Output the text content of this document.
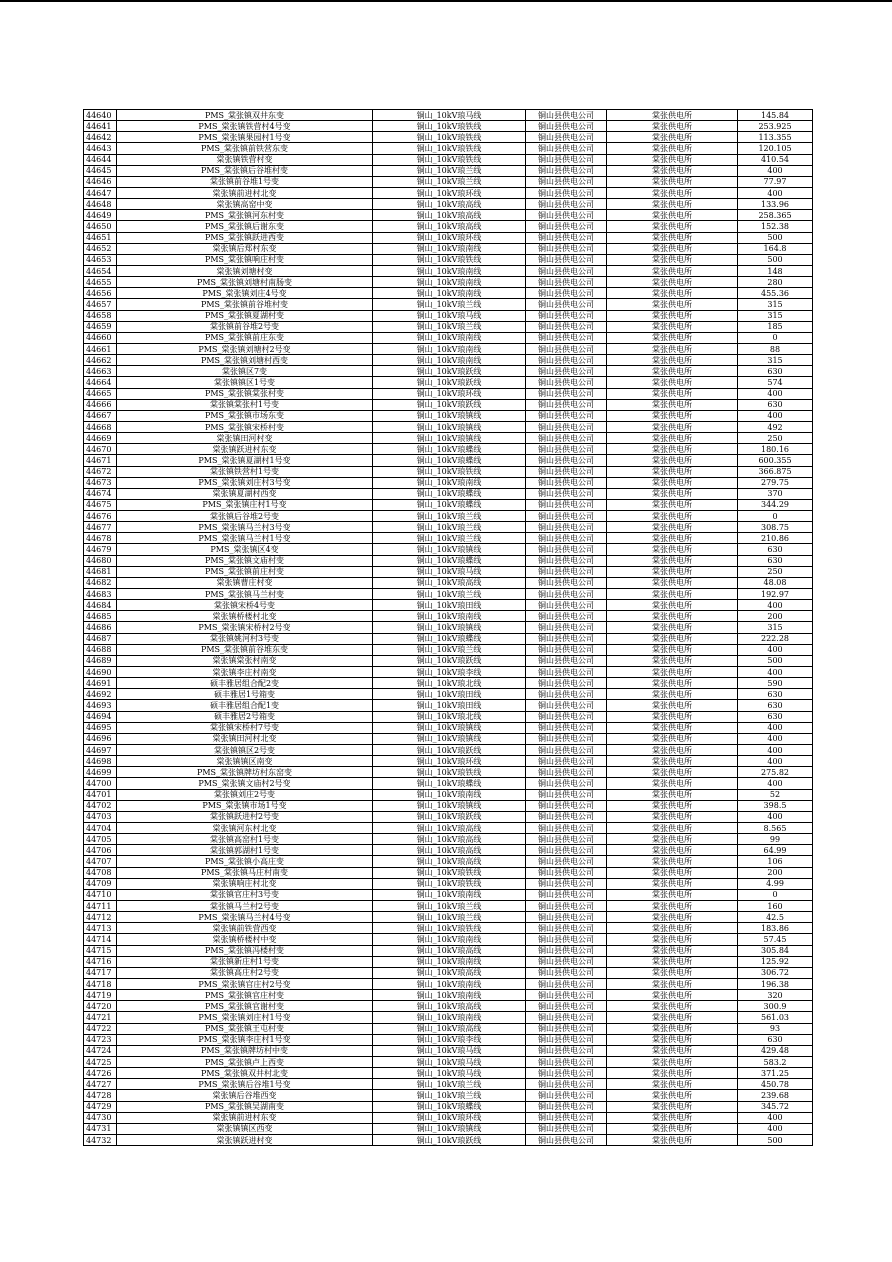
44640	PMS_棠张镇双井东变	铜山_10kV琅马线	铜山县供电公司	棠张供电所	145.84
44641	PMS_棠张镇铁营村4号变	铜山_10kV琅铁线	铜山县供电公司	棠张供电所	253.925
44642	PMS_棠张镇果园村1号变	铜山_10kV琅铁线	铜山县供电公司	棠张供电所	113.355
44643	PMS_棠张镇前铁营东变	铜山_10kV琅铁线	铜山县供电公司	棠张供电所	120.105
44644	棠张镇铁营村变	铜山_10kV琅铁线	铜山县供电公司	棠张供电所	410.54
44645	PMS_棠张镇后谷堆村变	铜山_10kV琅兰线	铜山县供电公司	棠张供电所	400
44646	棠张镇前谷堆1号变	铜山_10kV琅兰线	铜山县供电公司	棠张供电所	77.97
44647	棠张镇前进村北变	铜山_10kV琅环线	铜山县供电公司	棠张供电所	400
44648	棠张镇高窑中变	铜山_10kV琅高线	铜山县供电公司	棠张供电所	133.96
44649	PMS_棠张镇河东村变	铜山_10kV琅高线	铜山县供电公司	棠张供电所	258.365
44650	PMS_棠张镇后谢东变	铜山_10kV琅高线	铜山县供电公司	棠张供电所	152.38
44651	PMS_棠张镇跃进西变	铜山_10kV琅环线	铜山县供电公司	棠张供电所	500
44652	棠张镇后郑村东变	铜山_10kV琅南线	铜山县供电公司	棠张供电所	164.8
44653	PMS_棠张镇响庄村变	铜山_10kV琅铁线	铜山县供电公司	棠张供电所	500
44654	棠张镇刘塘村变	铜山_10kV琅南线	铜山县供电公司	棠张供电所	148
44655	PMS_棠张镇刘塘村南肠变	铜山_10kV琅南线	铜山县供电公司	棠张供电所	280
44656	PMS_棠张镇刘庄4号变	铜山_10kV琅南线	铜山县供电公司	棠张供电所	455.36
44657	PMS_棠张镇前谷堆村变	铜山_10kV琅兰线	铜山县供电公司	棠张供电所	315
44658	PMS_棠张镇夏湖村变	铜山_10kV琅马线	铜山县供电公司	棠张供电所	315
44659	棠张镇前谷堆2号变	铜山_10kV琅兰线	铜山县供电公司	棠张供电所	185
44660	PMS_棠张镇前庄东变	铜山_10kV琅南线	铜山县供电公司	棠张供电所	0
44661	PMS_棠张镇刘塘村2号变	铜山_10kV琅南线	铜山县供电公司	棠张供电所	88
44662	PMS_棠张镇刘塘村西变	铜山_10kV琅南线	铜山县供电公司	棠张供电所	315
44663	棠张镇区7变	铜山_10kV琅跃线	铜山县供电公司	棠张供电所	630
44664	棠张镇镇区1号变	铜山_10kV琅跃线	铜山县供电公司	棠张供电所	574
44665	PMS_棠张镇棠张村变	铜山_10kV琅环线	铜山县供电公司	棠张供电所	400
44666	棠张镇棠张村1号变	铜山_10kV琅跃线	铜山县供电公司	棠张供电所	630
44667	PMS_棠张镇市场东变	铜山_10kV琅镇线	铜山县供电公司	棠张供电所	400
44668	PMS_棠张镇宋桥村变	铜山_10kV琅镇线	铜山县供电公司	棠张供电所	492
44669	棠张镇田河村变	铜山_10kV琅镇线	铜山县供电公司	棠张供电所	250
44670	棠张镇跃进村东变	铜山_10kV琅蝶线	铜山县供电公司	棠张供电所	180.16
44671	PMS_棠张镇夏湖村1号变	铜山_10kV琅蝶线	铜山县供电公司	棠张供电所	600.355
44672	棠张镇铁营村1号变	铜山_10kV琅铁线	铜山县供电公司	棠张供电所	366.875
44673	PMS_棠张镇刘庄村3号变	铜山_10kV琅南线	铜山县供电公司	棠张供电所	279.75
44674	棠张镇夏湖村西变	铜山_10kV琅蝶线	铜山县供电公司	棠张供电所	370
44675	PMS_棠张镇庄村1号变	铜山_10kV琅蝶线	铜山县供电公司	棠张供电所	344.29
44676	棠张镇后谷堆2号变	铜山_10kV琅兰线	铜山县供电公司	棠张供电所	0
44677	PMS_棠张镇马兰村3号变	铜山_10kV琅兰线	铜山县供电公司	棠张供电所	308.75
44678	PMS_棠张镇马兰村1号变	铜山_10kV琅兰线	铜山县供电公司	棠张供电所	210.86
44679	PMS_棠张镇区4变	铜山_10kV琅镇线	铜山县供电公司	棠张供电所	630
44680	PMS_棠张镇文庙村变	铜山_10kV琅蝶线	铜山县供电公司	棠张供电所	630
44681	PMS_棠张镇前庄村变	铜山_10kV琅马线	铜山县供电公司	棠张供电所	250
44682	棠张镇曹庄村变	铜山_10kV琅高线	铜山县供电公司	棠张供电所	48.08
44683	PMS_棠张镇马兰村变	铜山_10kV琅兰线	铜山县供电公司	棠张供电所	192.97
44684	棠张镇宋桥4号变	铜山_10kV琅田线	铜山县供电公司	棠张供电所	400
44685	棠张镇桥楼村北变	铜山_10kV琅南线	铜山县供电公司	棠张供电所	200
44686	PMS_棠张镇宋桥村2号变	铜山_10kV琅镇线	铜山县供电公司	棠张供电所	315
44687	棠张镇姚河村3号变	铜山_10kV琅蝶线	铜山县供电公司	棠张供电所	222.28
44688	PMS_棠张镇前谷堆东变	铜山_10kV琅兰线	铜山县供电公司	棠张供电所	400
44689	棠张镇棠张村南变	铜山_10kV琅跃线	铜山县供电公司	棠张供电所	500
44690	棠张镇李庄村南变	铜山_10kV琅李线	铜山县供电公司	棠张供电所	400
44691	硕丰雅居组合配2变	铜山_10kV琅北线	铜山县供电公司	棠张供电所	590
44692	硕丰雅居1号箱变	铜山_10kV琅田线	铜山县供电公司	棠张供电所	630
44693	硕丰雅居组合配1变	铜山_10kV琅田线	铜山县供电公司	棠张供电所	630
44694	硕丰雅居2号箱变	铜山_10kV琅北线	铜山县供电公司	棠张供电所	630
44695	棠张镇宋桥村7号变	铜山_10kV琅镇线	铜山县供电公司	棠张供电所	400
44696	棠张镇田河村北变	铜山_10kV琅镇线	铜山县供电公司	棠张供电所	400
44697	棠张镇镇区2号变	铜山_10kV琅跃线	铜山县供电公司	棠张供电所	400
44698	棠张镇镇区南变	铜山_10kV琅环线	铜山县供电公司	棠张供电所	400
44699	PMS_棠张镇牌坊村东窑变	铜山_10kV琅铁线	铜山县供电公司	棠张供电所	275.82
44700	PMS_棠张镇文庙村2号变	铜山_10kV琅蝶线	铜山县供电公司	棠张供电所	400
44701	棠张镇刘庄2号变	铜山_10kV琅南线	铜山县供电公司	棠张供电所	52
44702	PMS_棠张镇市场1号变	铜山_10kV琅镇线	铜山县供电公司	棠张供电所	398.5
44703	棠张镇跃进村2号变	铜山_10kV琅跃线	铜山县供电公司	棠张供电所	400
44704	棠张镇河东村北变	铜山_10kV琅高线	铜山县供电公司	棠张供电所	8.565
44705	棠张镇高窑村1号变	铜山_10kV琅高线	铜山县供电公司	棠张供电所	99
44706	棠张镇郭湖村1号变	铜山_10kV琅高线	铜山县供电公司	棠张供电所	64.99
44707	PMS_棠张镇小高庄变	铜山_10kV琅高线	铜山县供电公司	棠张供电所	106
44708	PMS_棠张镇马庄村南变	铜山_10kV琅铁线	铜山县供电公司	棠张供电所	200
44709	棠张镇响庄村北变	铜山_10kV琅铁线	铜山县供电公司	棠张供电所	4.99
44710	棠张镇官庄村3号变	铜山_10kV琅南线	铜山县供电公司	棠张供电所	0
44711	棠张镇马兰村2号变	铜山_10kV琅兰线	铜山县供电公司	棠张供电所	160
44712	PMS_棠张镇马兰村4号变	铜山_10kV琅兰线	铜山县供电公司	棠张供电所	42.5
44713	棠张镇前铁营西变	铜山_10kV琅铁线	铜山县供电公司	棠张供电所	183.86
44714	棠张镇桥楼村中变	铜山_10kV琅南线	铜山县供电公司	棠张供电所	57.45
44715	PMS_棠张镇冯楼村变	铜山_10kV琅高线	铜山县供电公司	棠张供电所	305.84
44716	棠张镇新庄村1号变	铜山_10kV琅南线	铜山县供电公司	棠张供电所	125.92
44717	棠张镇高庄村2号变	铜山_10kV琅高线	铜山县供电公司	棠张供电所	306.72
44718	PMS_棠张镇官庄村2号变	铜山_10kV琅南线	铜山县供电公司	棠张供电所	196.38
44719	PMS_棠张镇官庄村变	铜山_10kV琅南线	铜山县供电公司	棠张供电所	320
44720	PMS_棠张镇官谢村变	铜山_10kV琅高线	铜山县供电公司	棠张供电所	300.9
44721	PMS_棠张镇刘庄村1号变	铜山_10kV琅南线	铜山县供电公司	棠张供电所	561.03
44722	PMS_棠张镇王屯村变	铜山_10kV琅高线	铜山县供电公司	棠张供电所	93
44723	PMS_棠张镇李庄村1号变	铜山_10kV琅李线	铜山县供电公司	棠张供电所	630
44724	PMS_棠张镇牌坊村中变	铜山_10kV琅马线	铜山县供电公司	棠张供电所	429.48
44725	PMS_棠张镇卢上西变	铜山_10kV琅马线	铜山县供电公司	棠张供电所	583.2
44726	PMS_棠张镇双井村北变	铜山_10kV琅马线	铜山县供电公司	棠张供电所	371.25
44727	PMS_棠张镇后谷堆1号变	铜山_10kV琅兰线	铜山县供电公司	棠张供电所	450.78
44728	棠张镇后谷堆西变	铜山_10kV琅兰线	铜山县供电公司	棠张供电所	239.68
44729	PMS_棠张镇吴湖南变	铜山_10kV琅蝶线	铜山县供电公司	棠张供电所	345.72
44730	棠张镇前进村东变	铜山_10kV琅环线	铜山县供电公司	棠张供电所	400
44731	棠张镇镇区西变	铜山_10kV琅镇线	铜山县供电公司	棠张供电所	400
44732	棠张镇跃进村变	铜山_10kV琅跃线	铜山县供电公司	棠张供电所	500
